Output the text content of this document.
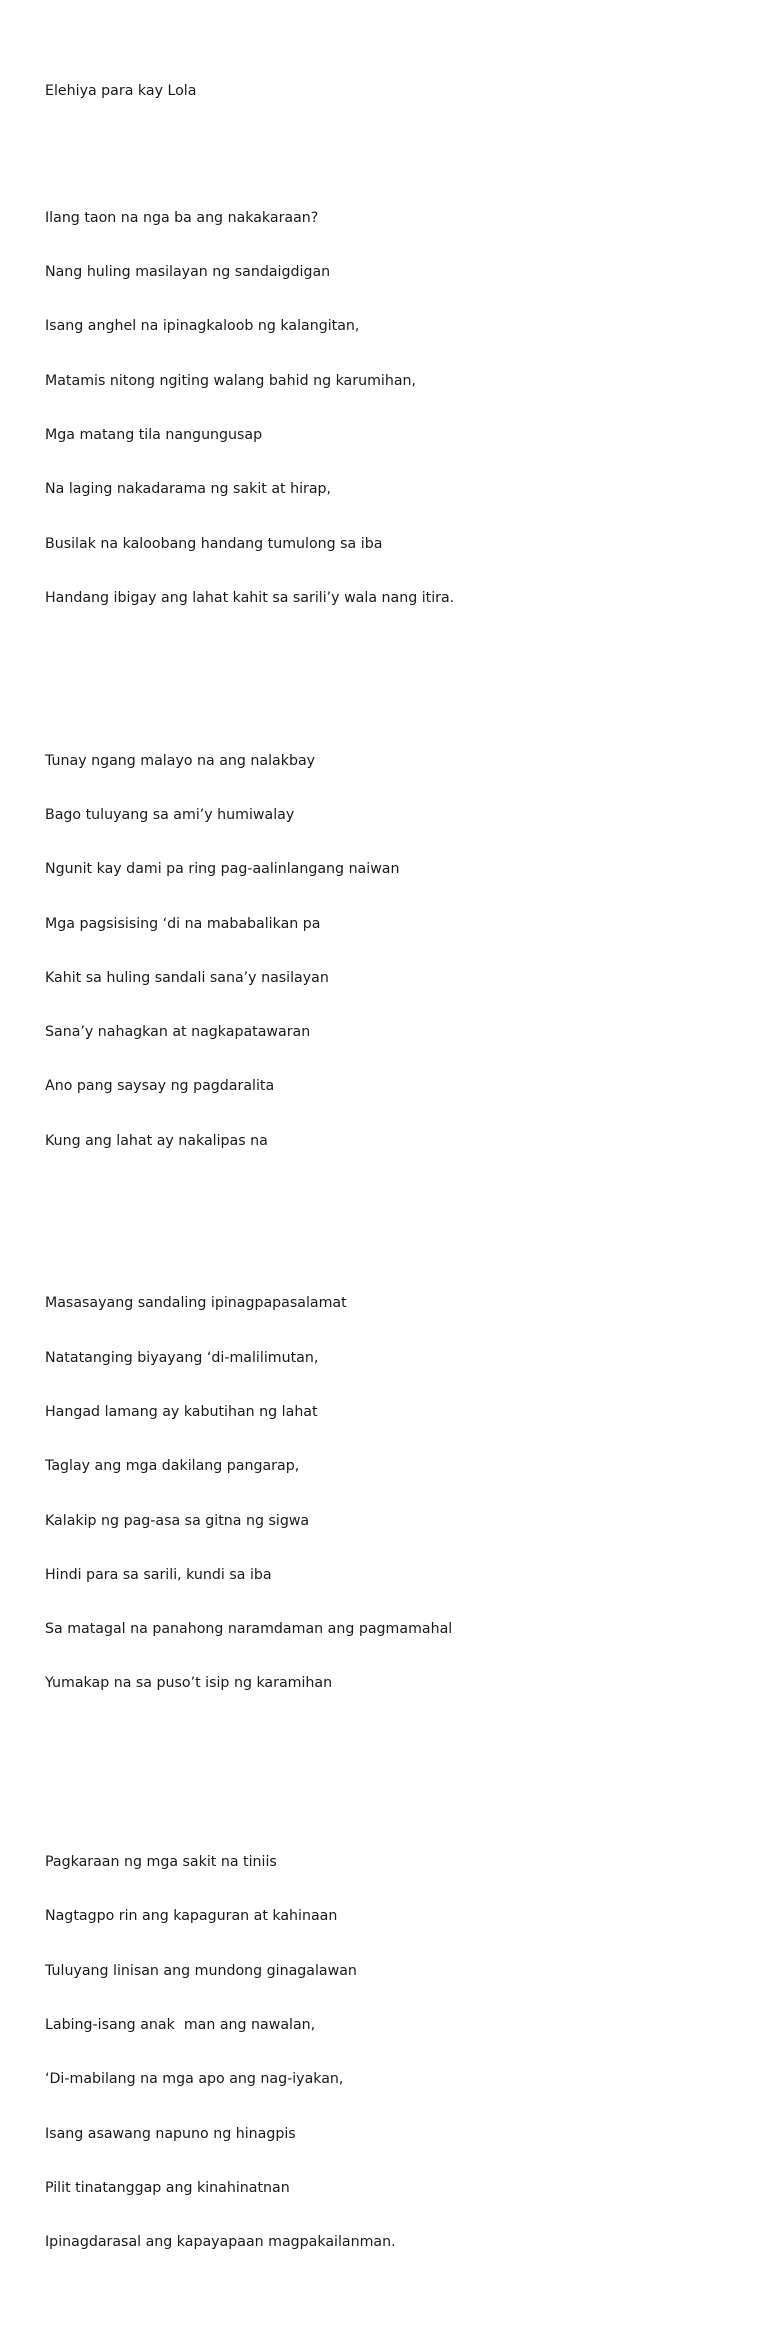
Elehiya para kay Lola

Ilang taon na nga ba ang nakakaraan?

Nang huling masilayan ng sandaigdigan

Isang anghel na ipinagkaloob ng kalangitan,

Matamis nitong ngiting walang bahid ng karumihan,

Mga matang tila nangungusap

Na laging nakadarama ng sakit at hirap,

Busilak na kaloobang handang tumulong sa iba

Handang ibigay ang lahat kahit sa sarili’y wala nang itira.

Tunay ngang malayo na ang nalakbay

Bago tuluyang sa ami’y humiwalay

Ngunit kay dami pa ring pag-aalinlangang naiwan

Mga pagsisising ‘di na mababalikan pa

Kahit sa huling sandali sana’y nasilayan

Sana’y nahagkan at nagkapatawaran

Ano pang saysay ng pagdaralita

Kung ang lahat ay nakalipas na

Masasayang sandaling ipinagpapasalamat

Natatanging biyayang ‘di-malilimutan,

Hangad lamang ay kabutihan ng lahat

Taglay ang mga dakilang pangarap,

Kalakip ng pag-asa sa gitna ng sigwa

Hindi para sa sarili, kundi sa iba

Sa matagal na panahong naramdaman ang pagmamahal

Yumakap na sa puso’t isip ng karamihan

Pagkaraan ng mga sakit na tiniis

Nagtagpo rin ang kapaguran at kahinaan

Tuluyang linisan ang mundong ginagalawan

Labing-isang anak  man ang nawalan,

‘Di-mabilang na mga apo ang nag-iyakan,

Isang asawang napuno ng hinagpis

Pilit tinatanggap ang kinahinatnan

Ipinagdarasal ang kapayapaan magpakailanman.
